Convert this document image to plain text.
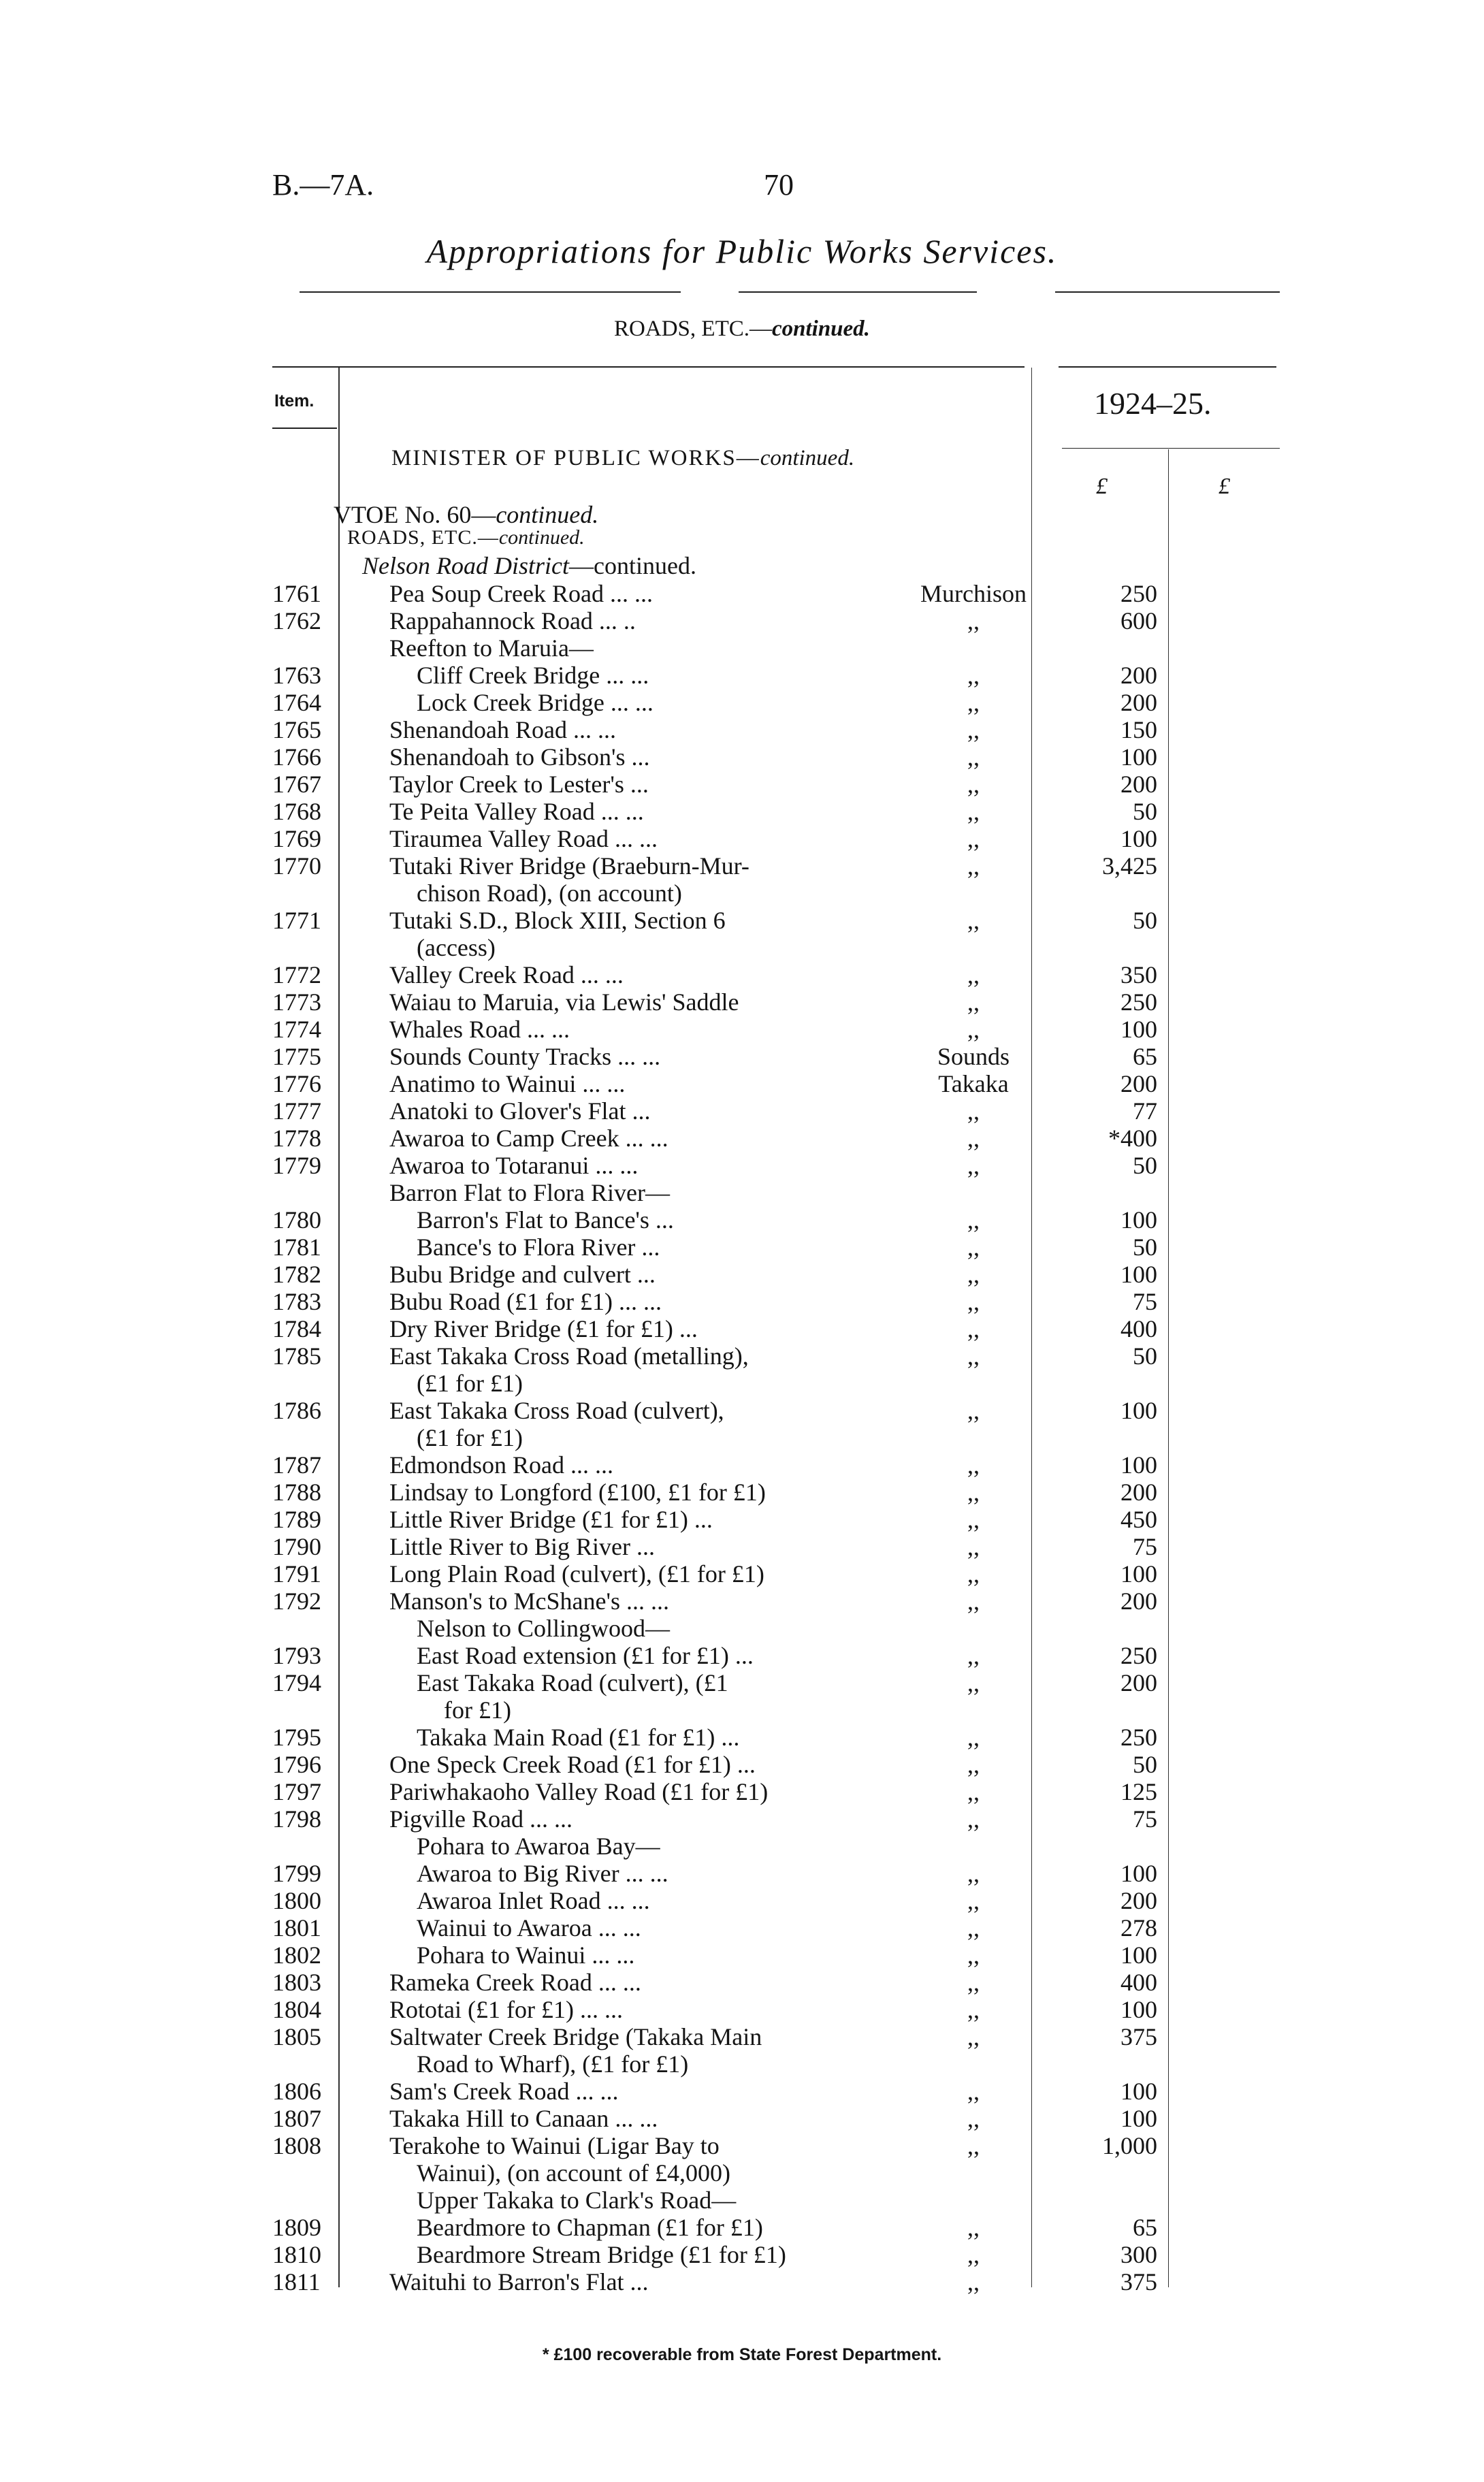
B.—7A.	70
Appropriations for Public Works Services.
ROADS, ETC.—continued.
Item.	1924–25.
£	£
MINISTER OF PUBLIC WORKS—continued.
VTOE No. 60—continued.
ROADS, ETC.—continued.
Nelson Road District—continued.
1761	Pea Soup Creek Road ... ...	Murchison	250
1762	Rappahannock Road ... ..	,,	600
Reefton to Maruia—
1763	Cliff Creek Bridge ... ...	,,	200
1764	Lock Creek Bridge ... ...	,,	200
1765	Shenandoah Road ... ...	,,	150
1766	Shenandoah to Gibson's ...	,,	100
1767	Taylor Creek to Lester's ...	,,	200
1768	Te Peita Valley Road ... ...	,,	50
1769	Tiraumea Valley Road ... ...	,,	100
1770	Tutaki River Bridge (Braeburn-Mur-	,,	3,425
chison Road), (on account)
1771	Tutaki S.D., Block XIII, Section 6	,,	50
(access)
1772	Valley Creek Road ... ...	,,	350
1773	Waiau to Maruia, via Lewis' Saddle	,,	250
1774	Whales Road ... ...	,,	100
1775	Sounds County Tracks ... ...	Sounds	65
1776	Anatimo to Wainui ... ...	Takaka	200
1777	Anatoki to Glover's Flat ...	,,	77
1778	Awaroa to Camp Creek ... ...	,,	*400
1779	Awaroa to Totaranui ... ...	,,	50
Barron Flat to Flora River—
1780	Barron's Flat to Bance's ...	,,	100
1781	Bance's to Flora River ...	,,	50
1782	Bubu Bridge and culvert ...	,,	100
1783	Bubu Road (£1 for £1) ... ...	,,	75
1784	Dry River Bridge (£1 for £1) ...	,,	400
1785	East Takaka Cross Road (metalling),	,,	50
(£1 for £1)
1786	East Takaka Cross Road (culvert),	,,	100
(£1 for £1)
1787	Edmondson Road ... ...	,,	100
1788	Lindsay to Longford (£100, £1 for £1)	,,	200
1789	Little River Bridge (£1 for £1) ...	,,	450
1790	Little River to Big River ...	,,	75
1791	Long Plain Road (culvert), (£1 for £1)	,,	100
1792	Manson's to McShane's ... ...	,,	200
Nelson to Collingwood—
1793	East Road extension (£1 for £1) ...	,,	250
1794	East Takaka Road (culvert), (£1	,,	200
for £1)
1795	Takaka Main Road (£1 for £1) ...	,,	250
1796	One Speck Creek Road (£1 for £1) ...	,,	50
1797	Pariwhakaoho Valley Road (£1 for £1)	,,	125
1798	Pigville Road ... ...	,,	75
Pohara to Awaroa Bay—
1799	Awaroa to Big River ... ...	,,	100
1800	Awaroa Inlet Road ... ...	,,	200
1801	Wainui to Awaroa ... ...	,,	278
1802	Pohara to Wainui ... ...	,,	100
1803	Rameka Creek Road ... ...	,,	400
1804	Rototai (£1 for £1) ... ...	,,	100
1805	Saltwater Creek Bridge (Takaka Main	,,	375
Road to Wharf), (£1 for £1)
1806	Sam's Creek Road ... ...	,,	100
1807	Takaka Hill to Canaan ... ...	,,	100
1808	Terakohe to Wainui (Ligar Bay to	,,	1,000
Wainui), (on account of £4,000)
Upper Takaka to Clark's Road—
1809	Beardmore to Chapman (£1 for £1)	,,	65
1810	Beardmore Stream Bridge (£1 for £1)	,,	300
1811	Waituhi to Barron's Flat ...	,,	375
* £100 recoverable from State Forest Department.
